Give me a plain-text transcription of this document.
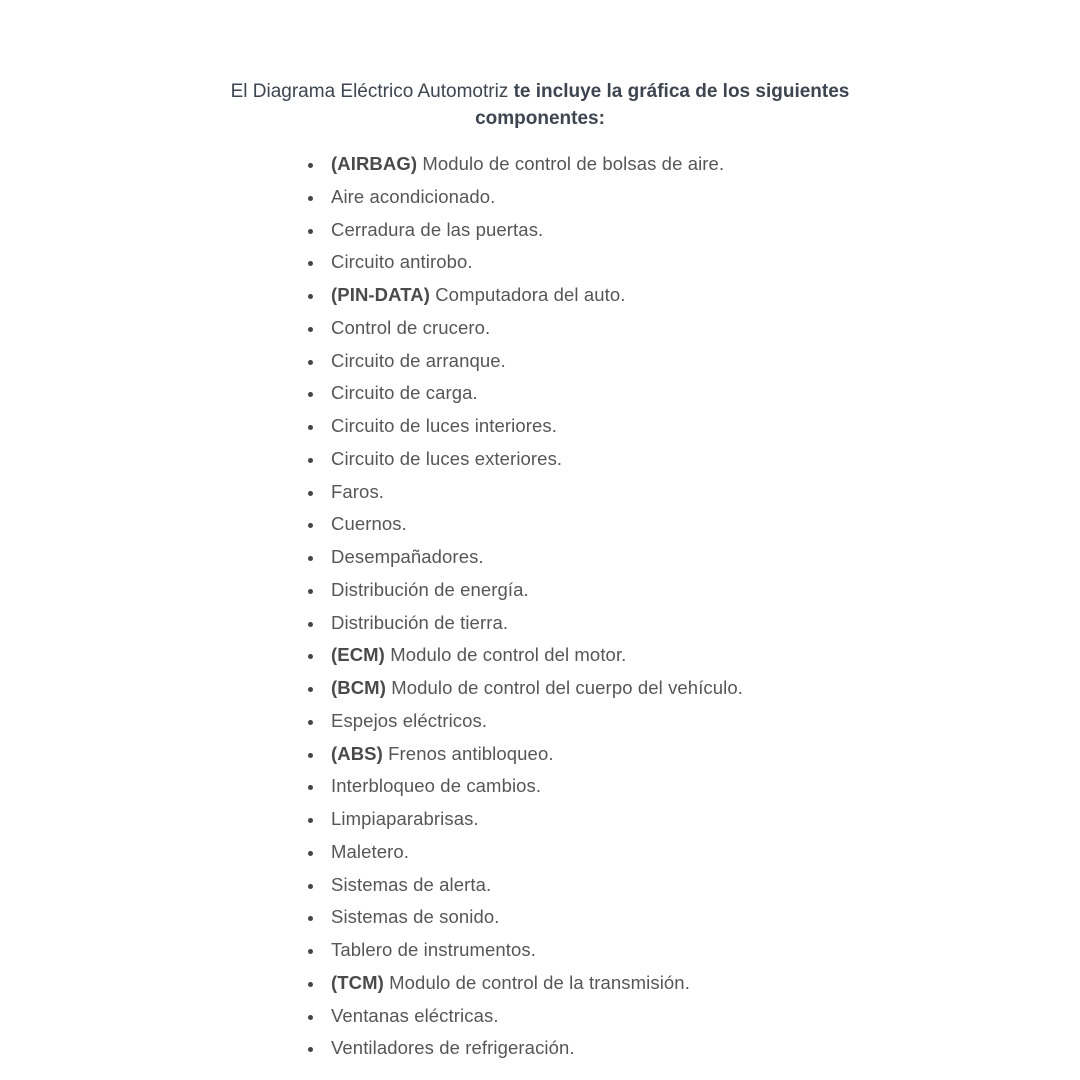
El Diagrama Eléctrico Automotriz te incluye la gráfica de los siguientes
componentes:
(AIRBAG) Modulo de control de bolsas de aire.
Aire acondicionado.
Cerradura de las puertas.
Circuito antirobo.
(PIN-DATA) Computadora del auto.
Control de crucero.
Circuito de arranque.
Circuito de carga.
Circuito de luces interiores.
Circuito de luces exteriores.
Faros.
Cuernos.
Desempañadores.
Distribución de energía.
Distribución de tierra.
(ECM) Modulo de control del motor.
(BCM) Modulo de control del cuerpo del vehículo.
Espejos eléctricos.
(ABS) Frenos antibloqueo.
Interbloqueo de cambios.
Limpiaparabrisas.
Maletero.
Sistemas de alerta.
Sistemas de sonido.
Tablero de instrumentos.
(TCM) Modulo de control de la transmisión.
Ventanas eléctricas.
Ventiladores de refrigeración.
